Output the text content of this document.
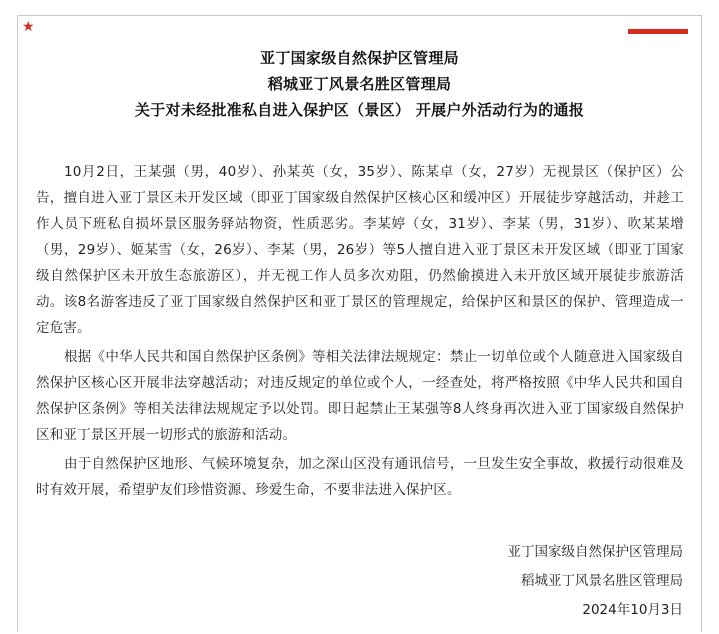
★
亚丁国家级自然保护区管理局
稻城亚丁风景名胜区管理局
关于对未经批准私自进入保护区（景区） 开展户外活动行为的通报

10月2日，王某强（男，40岁）、孙某英（女，35岁）、陈某卓（女，27岁）无视景区（保护区）公告，擅自进入亚丁景区未开发区域（即亚丁国家级自然保护区核心区和缓冲区）开展徒步穿越活动，并趁工作人员下班私自损坏景区服务驿站物资，性质恶劣。李某婷（女，31岁）、李某（男，31岁）、吹某某增（男，29岁）、姬某雪（女，26岁）、李某（男，26岁）等5人擅自进入亚丁景区未开发区域（即亚丁国家级自然保护区未开放生态旅游区），并无视工作人员多次劝阻，仍然偷摸进入未开放区域开展徒步旅游活动。该8名游客违反了亚丁国家级自然保护区和亚丁景区的管理规定，给保护区和景区的保护、管理造成一定危害。

根据《中华人民共和国自然保护区条例》等相关法律法规规定：禁止一切单位或个人随意进入国家级自然保护区核心区开展非法穿越活动；对违反规定的单位或个人，一经查处，将严格按照《中华人民共和国自然保护区条例》等相关法律法规规定予以处罚。即日起禁止王某强等8人终身再次进入亚丁国家级自然保护区和亚丁景区开展一切形式的旅游和活动。

由于自然保护区地形、气候环境复杂，加之深山区没有通讯信号，一旦发生安全事故，救援行动很难及时有效开展，希望驴友们珍惜资源、珍爱生命，不要非法进入保护区。

亚丁国家级自然保护区管理局
稻城亚丁风景名胜区管理局
2024年10月3日
